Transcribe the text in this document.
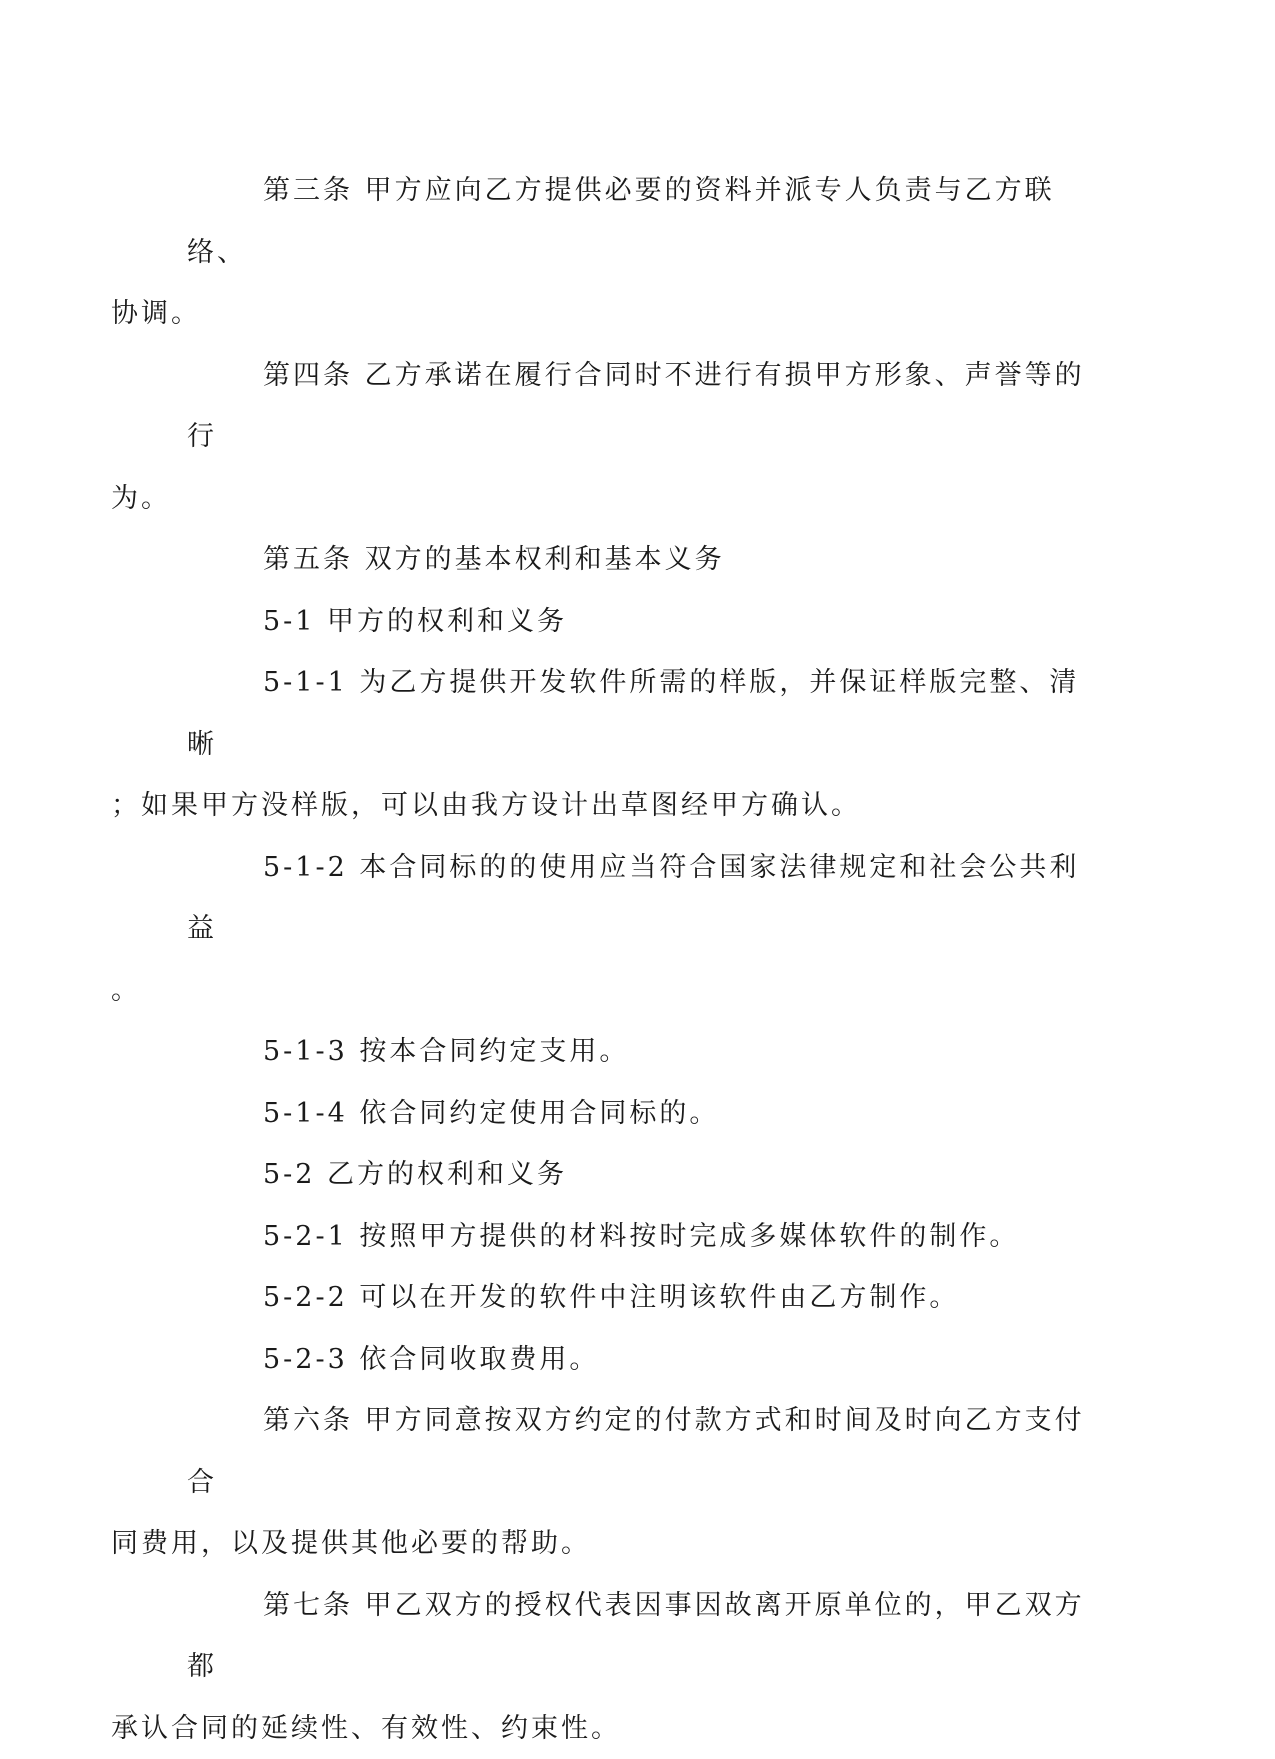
第三条 甲方应向乙方提供必要的资料并派专人负责与乙方联络、
协调。

第四条 乙方承诺在履行合同时不进行有损甲方形象、声誉等的行
为。

第五条 双方的基本权利和基本义务

5-1 甲方的权利和义务

5-1-1 为乙方提供开发软件所需的样版，并保证样版完整、清晰
；如果甲方没样版，可以由我方设计出草图经甲方确认。

5-1-2 本合同标的的使用应当符合国家法律规定和社会公共利益
。

5-1-3 按本合同约定支用。

5-1-4 依合同约定使用合同标的。

5-2 乙方的权利和义务

5-2-1 按照甲方提供的材料按时完成多媒体软件的制作。

5-2-2 可以在开发的软件中注明该软件由乙方制作。

5-2-3 依合同收取费用。

第六条 甲方同意按双方约定的付款方式和时间及时向乙方支付合
同费用，以及提供其他必要的帮助。

第七条 甲乙双方的授权代表因事因故离开原单位的，甲乙双方都
承认合同的延续性、有效性、约束性。
